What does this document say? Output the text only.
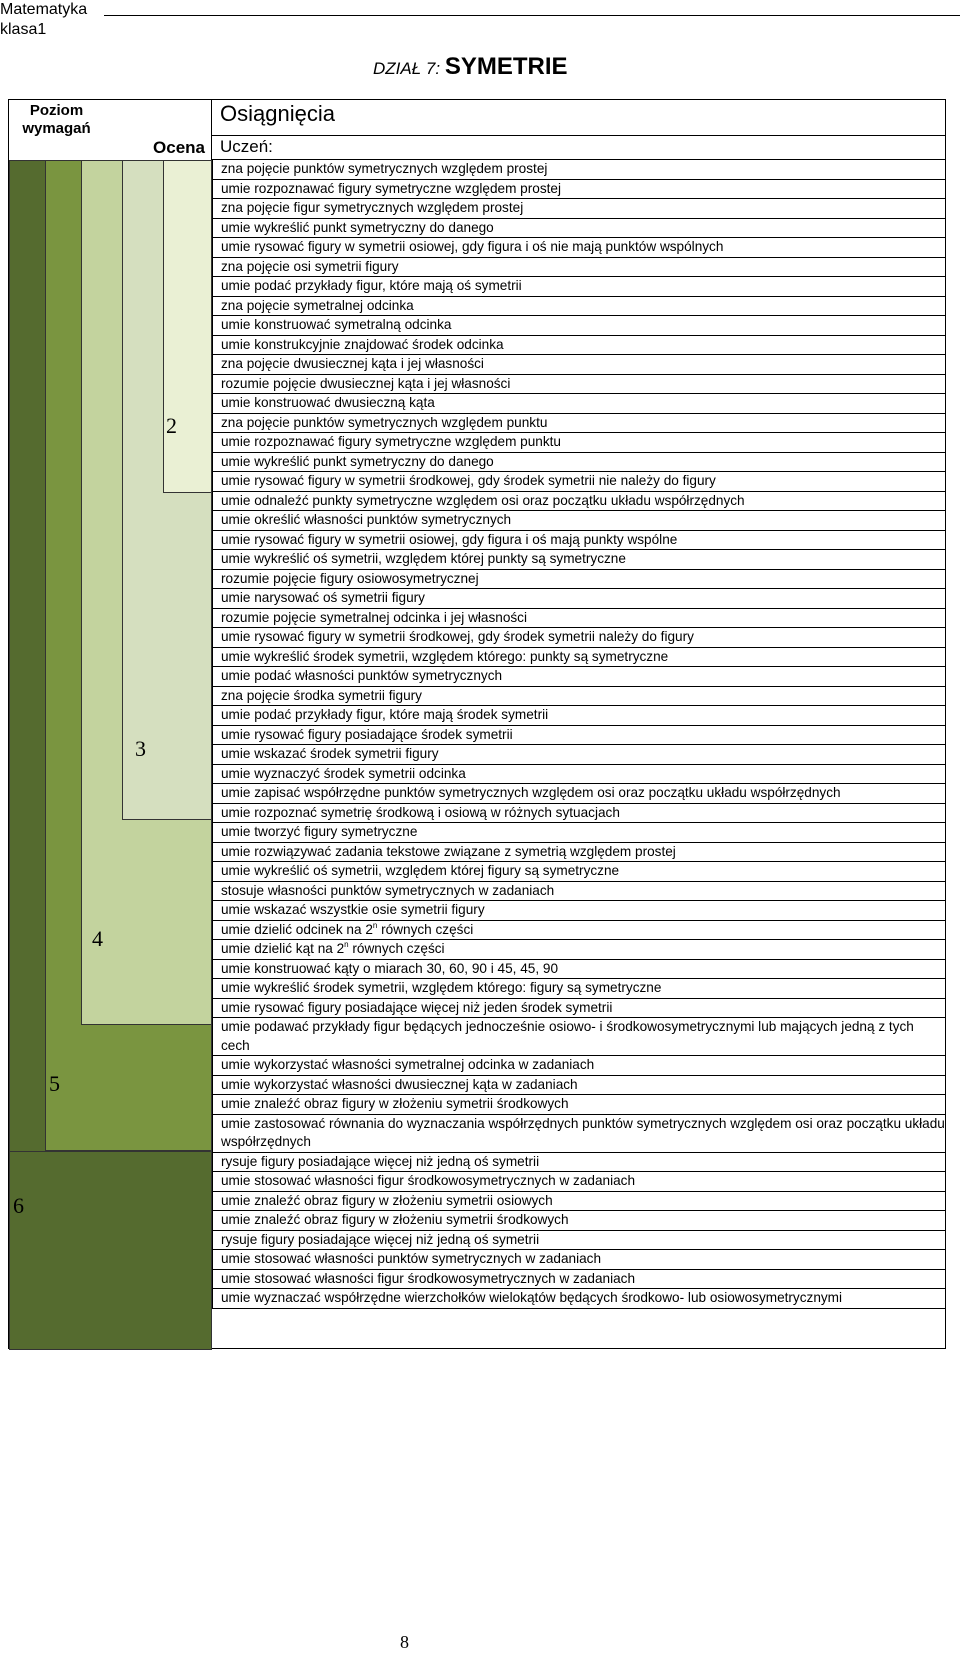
Matematyka
klasa1
DZIAŁ 7: SYMETRIE
Poziom wymagań
Ocena
Osiągnięcia
Uczeń:
2
3
4
5
6
zna pojęcie punktów symetrycznych względem prostej
umie rozpoznawać figury symetryczne względem prostej
zna pojęcie figur symetrycznych względem prostej
umie wykreślić punkt symetryczny do danego
umie rysować figury w symetrii osiowej, gdy figura i oś nie mają punktów wspólnych
zna pojęcie osi symetrii figury
umie podać przykłady figur, które mają oś symetrii
zna pojęcie symetralnej odcinka
umie konstruować symetralną odcinka
umie konstrukcyjnie znajdować środek odcinka
zna pojęcie dwusiecznej kąta i jej własności
rozumie pojęcie dwusiecznej kąta i jej własności
umie konstruować dwusieczną kąta
zna pojęcie punktów symetrycznych względem punktu
umie rozpoznawać figury symetryczne względem punktu
umie wykreślić punkt symetryczny do danego
umie rysować figury w symetrii środkowej, gdy środek symetrii nie należy do figury
umie odnaleźć punkty symetryczne względem osi oraz początku układu współrzędnych
umie określić własności punktów symetrycznych
umie rysować figury w symetrii osiowej, gdy figura i oś mają punkty wspólne
umie wykreślić oś symetrii, względem której punkty są symetryczne
rozumie pojęcie figury osiowosymetrycznej
umie narysować oś symetrii figury
rozumie pojęcie symetralnej odcinka i jej własności
umie rysować figury w symetrii środkowej, gdy środek symetrii należy do figury
umie wykreślić środek symetrii, względem którego: punkty są symetryczne
umie podać własności punktów symetrycznych
zna pojęcie środka symetrii figury
umie podać przykłady figur, które mają środek symetrii
umie rysować figury posiadające środek symetrii
umie wskazać środek symetrii figury
umie wyznaczyć środek symetrii odcinka
umie zapisać współrzędne punktów symetrycznych względem osi oraz początku układu współrzędnych
umie rozpoznać symetrię środkową i osiową w różnych sytuacjach
umie tworzyć figury symetryczne
umie rozwiązywać zadania tekstowe związane z symetrią względem prostej
umie wykreślić oś symetrii, względem której figury są symetryczne
stosuje własności punktów symetrycznych w zadaniach
umie wskazać wszystkie osie symetrii figury
umie dzielić odcinek na 2$^n$ równych części
umie dzielić kąt na 2$^n$ równych części
umie konstruować kąty o miarach 30, 60, 90 i 45, 45, 90
umie wykreślić środek symetrii, względem którego: figury są symetryczne
umie rysować figury posiadające więcej niż jeden środek symetrii
umie podawać przykłady figur będących jednocześnie osiowo- i środkowosymetrycznymi lub mających jedną z tych cech
umie wykorzystać własności symetralnej odcinka w zadaniach
umie wykorzystać własności dwusiecznej kąta w zadaniach
umie znaleźć obraz figury w złożeniu symetrii środkowych
umie zastosować równania do wyznaczania współrzędnych punktów symetrycznych względem osi oraz początku układu współrzędnych
rysuje figury posiadające więcej niż jedną oś symetrii
umie stosować własności figur środkowosymetrycznych w zadaniach
umie znaleźć obraz figury w złożeniu symetrii osiowych
umie znaleźć obraz figury w złożeniu symetrii środkowych
rysuje figury posiadające więcej niż jedną oś symetrii
umie stosować własności punktów symetrycznych w zadaniach
umie stosować własności figur środkowosymetrycznych w zadaniach
umie wyznaczać współrzędne wierzchołków wielokątów będących środkowo- lub osiowosymetrycznymi
8
